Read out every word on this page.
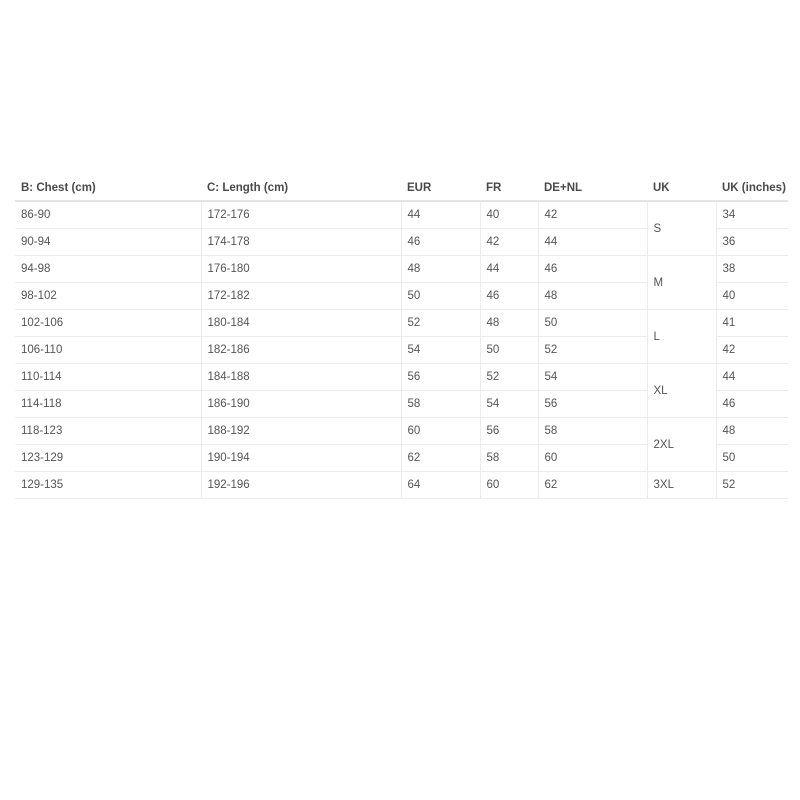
B: Chest (cm)	C: Length (cm)	EUR	FR	DE+NL	UK	UK (inches)
86-90	172-176	44	40	42	S	34
90-94	174-178	46	42	44		36
94-98	176-180	48	44	46	M	38
98-102	172-182	50	46	48		40
102-106	180-184	52	48	50	L	41
106-110	182-186	54	50	52		42
110-114	184-188	56	52	54	XL	44
114-118	186-190	58	54	56		46
118-123	188-192	60	56	58	2XL	48
123-129	190-194	62	58	60		50
129-135	192-196	64	60	62	3XL	52
